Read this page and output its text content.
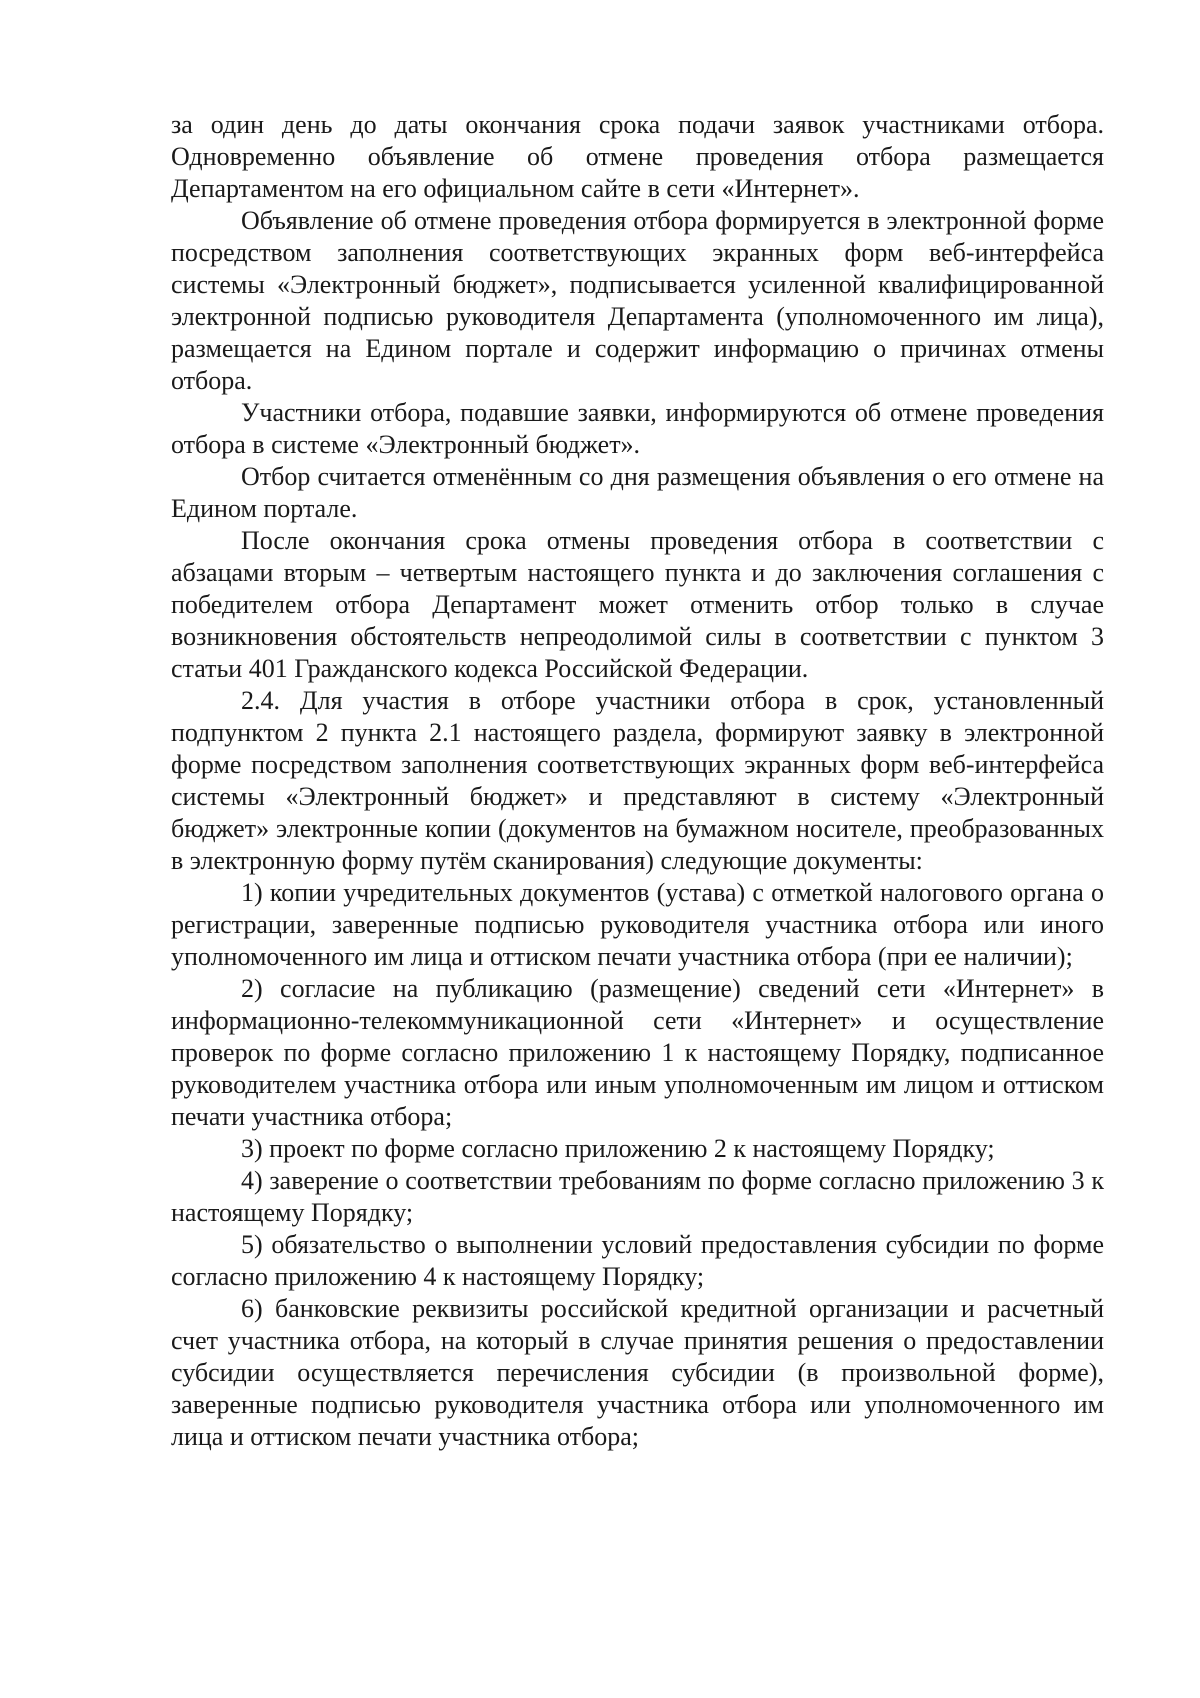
за один день до даты окончания срока подачи заявок участниками отбора. Одновременно объявление об отмене проведения отбора размещается Департаментом на его официальном сайте в сети «Интернет».

Объявление об отмене проведения отбора формируется в электронной форме посредством заполнения соответствующих экранных форм веб-интерфейса системы «Электронный бюджет», подписывается усиленной квалифицированной электронной подписью руководителя Департамента (уполномоченного им лица), размещается на Едином портале и содержит информацию о причинах отмены отбора.

Участники отбора, подавшие заявки, информируются об отмене проведения отбора в системе «Электронный бюджет».

Отбор считается отменённым со дня размещения объявления о его отмене на Едином портале.

После окончания срока отмены проведения отбора в соответствии с абзацами вторым – четвертым настоящего пункта и до заключения соглашения с победителем отбора Департамент может отменить отбор только в случае возникновения обстоятельств непреодолимой силы в соответствии с пунктом 3 статьи 401 Гражданского кодекса Российской Федерации.

2.4. Для участия в отборе участники отбора в срок, установленный подпунктом 2 пункта 2.1 настоящего раздела, формируют заявку в электронной форме посредством заполнения соответствующих экранных форм веб-интерфейса системы «Электронный бюджет» и представляют в систему «Электронный бюджет» электронные копии (документов на бумажном носителе, преобразованных в электронную форму путём сканирования) следующие документы:

1) копии учредительных документов (устава) с отметкой налогового органа о регистрации, заверенные подписью руководителя участника отбора или иного уполномоченного им лица и оттиском печати участника отбора (при ее наличии);

2) согласие на публикацию (размещение) сведений сети «Интернет» в информационно-телекоммуникационной сети «Интернет» и осуществление проверок по форме согласно приложению 1 к настоящему Порядку, подписанное руководителем участника отбора или иным уполномоченным им лицом и оттиском печати участника отбора;

3) проект по форме согласно приложению 2 к настоящему Порядку;

4) заверение о соответствии требованиям по форме согласно приложению 3 к настоящему Порядку;

5) обязательство о выполнении условий предоставления субсидии по форме согласно приложению 4 к настоящему Порядку;

6) банковские реквизиты российской кредитной организации и расчетный счет участника отбора, на который в случае принятия решения о предоставлении субсидии осуществляется перечисления субсидии (в произвольной форме), заверенные подписью руководителя участника отбора или уполномоченного им лица и оттиском печати участника отбора;
